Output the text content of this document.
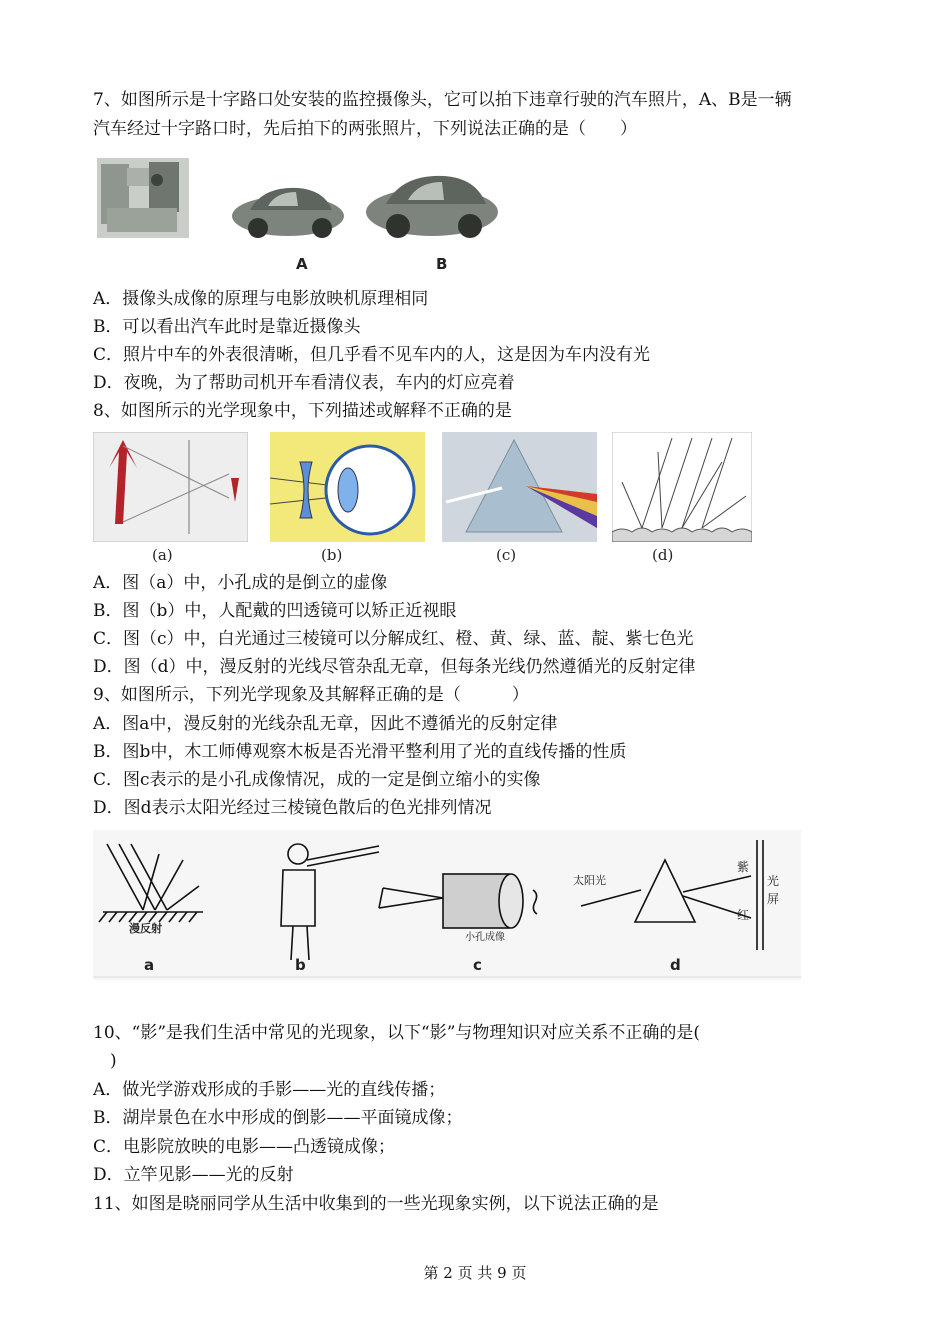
7、如图所示是十字路口处安装的监控摄像头，它可以拍下违章行驶的汽车照片，A、B是一辆
汽车经过十字路口时，先后拍下的两张照片，下列说法正确的是（　　）
A	B
A．摄像头成像的原理与电影放映机原理相同
B．可以看出汽车此时是靠近摄像头
C．照片中车的外表很清晰，但几乎看不见车内的人，这是因为车内没有光
D．夜晚，为了帮助司机开车看清仪表，车内的灯应亮着
8、如图所示的光学现象中，下列描述或解释不正确的是
(a)	(b)	(c)	(d)
A．图（a）中，小孔成的是倒立的虚像
B．图（b）中，人配戴的凹透镜可以矫正近视眼
C．图（c）中，白光通过三棱镜可以分解成红、橙、黄、绿、蓝、靛、紫七色光
D．图（d）中，漫反射的光线尽管杂乱无章，但每条光线仍然遵循光的反射定律
9、如图所示，下列光学现象及其解释正确的是（　　　）
A．图a中，漫反射的光线杂乱无章，因此不遵循光的反射定律
B．图b中，木工师傅观察木板是否光滑平整利用了光的直线传播的性质
C．图c表示的是小孔成像情况，成的一定是倒立缩小的实像
D．图d表示太阳光经过三棱镜色散后的色光排列情况
漫反射
小孔成像
太阳光
紫
红
光屏
a	b	c	d
10、“影”是我们生活中常见的光现象，以下“影”与物理知识对应关系不正确的是(
)
A．做光学游戏形成的手影——光的直线传播；
B．湖岸景色在水中形成的倒影——平面镜成像；
C．电影院放映的电影——凸透镜成像；
D．立竿见影——光的反射
11、如图是晓丽同学从生活中收集到的一些光现象实例，以下说法正确的是
第 2 页 共 9 页
